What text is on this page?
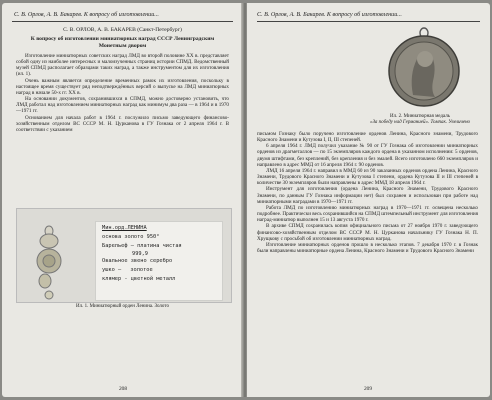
С. В. Орлов, А. В. Бакарев. К вопросу об изготовлении...
С. В. ОРЛОВ, А. В. БАКАРЕВ (Санкт-Петербург)
К вопросу об изготовлении миниатюрных наград СССР Ленинградским Монетным двором

Изготовление миниатюрных советских наград ЛМД во второй половине XX в. представляет собой одну из наиболее интересных и малоизученных страниц истории СПМД. Ведомственный музей СПМД располагает образцами таких наград, а также инструментом для их изготовления (ил. 1).

Очень важным является определение временных рамок их изготовления, поскольку в настоящее время существует ряд неподтверждённых версий о выпуске на ЛМД миниатюрных наград в начале 50-х гг. XX в.

На основании документов, сохранившихся в СПМД, можно достоверно установить, что ЛМД работал над изготовлением миниатюрных наград как минимум два раза — в 1964 и в 1970—1971 гг.

Основанием для начала работ в 1964 г. послужило письмо заведующего финансово-хозяйственным отделом ВС СССР М. Н. Цурканова в ГУ Гознака от 2 апреля 1964 г. В соответствии с указанием

Мин.орд.ЛЕНИНА
основа золото 950°
Барельеф — платина чистая
999,9
Овальное звено серебро
ушко — золотое
клямер - цветной металл
Ил. 1. Миниатюрный орден Ленина. Золото
208
С. В. Орлов, А. В. Бакарев. К вопросу об изготовлении...
Ил. 2. Миниатюрная медаль
«За победу над Германией». Томпак. Увеличено

письмом Гознаку было поручено изготовление орденов Ленина, Красного знамени, Трудового Красного Знамени и Кутузова I, II, III степеней.

6 апреля 1964 г. ЛМД получил указание № 90 от ГУ Гознака об изготовлении миниатюрных орденов из драгметаллов — по 15 экземпляров каждого ордена в указанном исполнении: 5 орденов, двумя штифтами, без креплений, без крепления и без эмалей. Всего изготовлено 660 экземпляров и направлено в адрес ММД от 16 апреля 1964 г. 90 орденов.

ЛМД 16 апреля 1964 г. направил в ММД 60 из 90 заказанных орденов ордена Ленина, Красного Знамени, Трудового Красного Знамени и Кутузова I степени, ордена Кутузова II и III степеней в количестве 30 экземпляров были направлены в адрес ММД 18 апреля 1964 г.

Инструмент для изготовления (ордена Ленина, Красного Знамени, Трудового Красного Знамени, по данным ГУ Гознака информации нет) был сохранен и использован при работе над миниатюрными наградами в 1970—1971 гг.

Работа ЛМД по изготовлению миниатюрных наград в 1970—1971 гг. освещена несколько подробнее. Практически весь сохранившийся на СПМД штемпельный инструмент для изготовления наград-миниатюр выполнен 15 и 13 августа 1970 г.

В архиве СПМД сохранилась копия официального письма от 27 ноября 1970 г. заведующего финансово-хозяйственным отделом ВС СССР М. Н. Цурканова начальнику ГУ Гознака Н. П. Хрущкову с просьбой об изготовлении миниатюрных наград.

Изготовление миниатюрных орденов прошло в несколько этапов. 7 декабря 1970 г. в Гознак были направлены миниатюрные ордена Ленина, Красного Знамени и Трудового Красного Знамени

209
